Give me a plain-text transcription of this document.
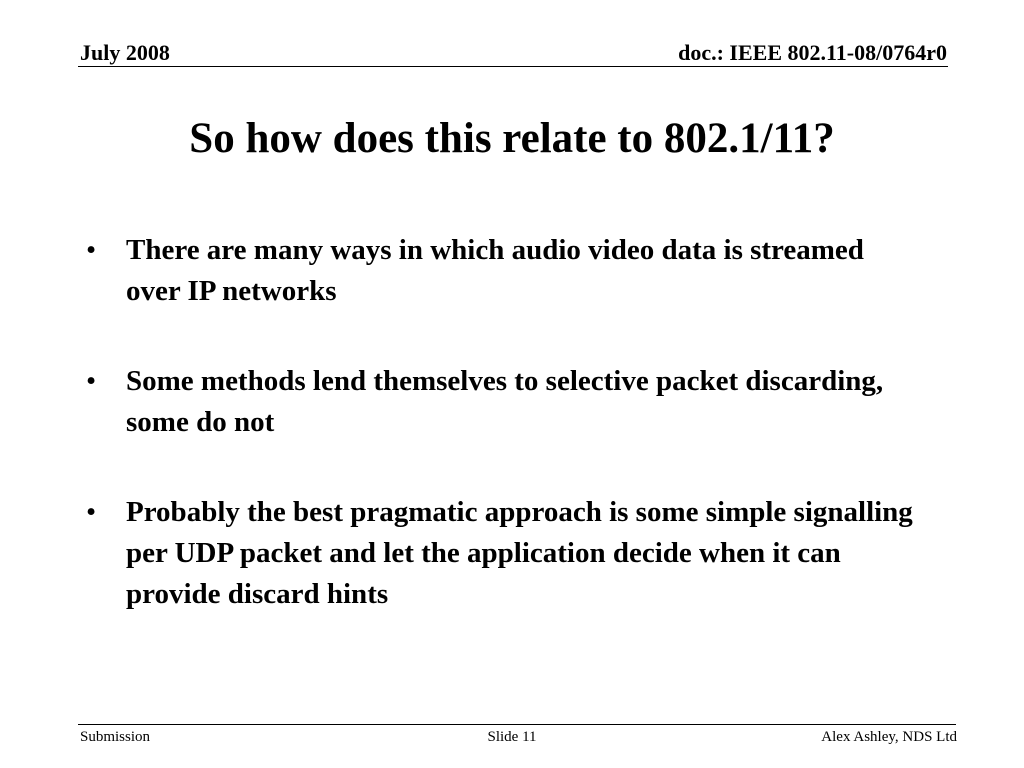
July 2008	doc.: IEEE 802.11-08/0764r0
So how does this relate to 802.1/11?
• There are many ways in which audio video data is streamed over IP networks
• Some methods lend themselves to selective packet discarding, some do not
• Probably the best pragmatic approach is some simple signalling per UDP packet and let the application decide when it can provide discard hints
Submission	Slide 11	Alex Ashley, NDS Ltd
